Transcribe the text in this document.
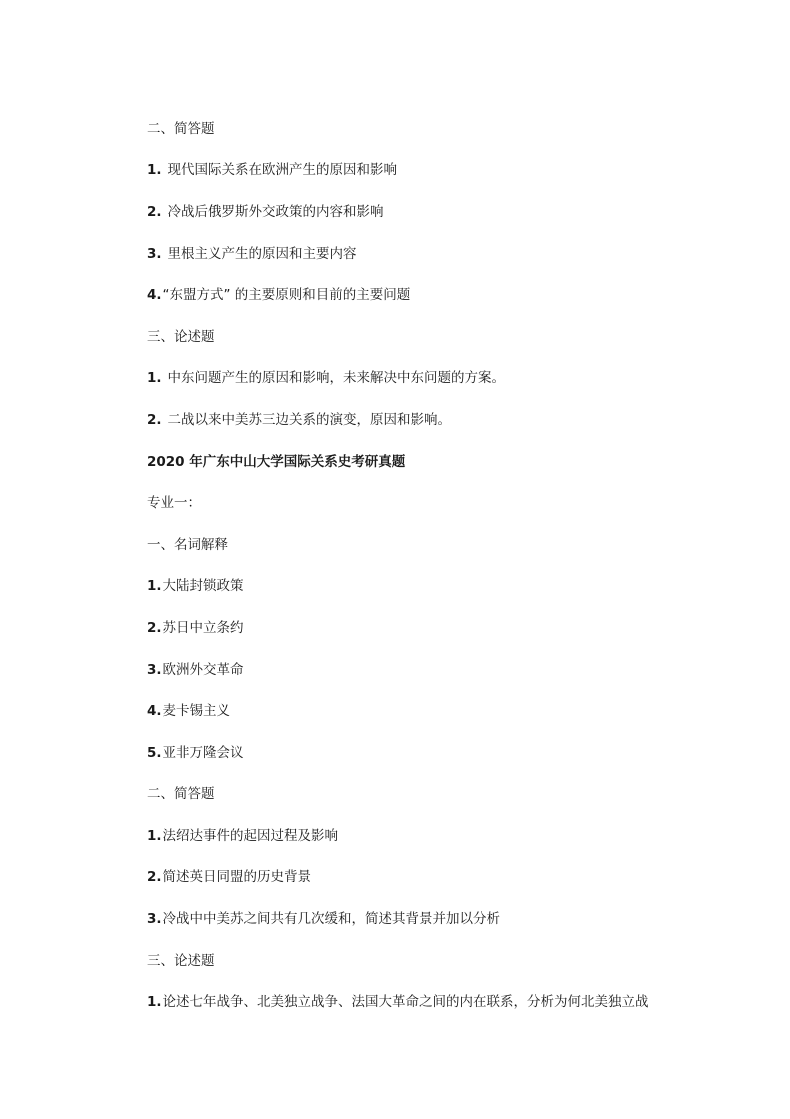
二、简答题
1. 现代国际关系在欧洲产生的原因和影响
2. 冷战后俄罗斯外交政策的内容和影响
3. 里根主义产生的原因和主要内容
4.“东盟方式” 的主要原则和目前的主要问题
三、论述题
1. 中东问题产生的原因和影响，未来解决中东问题的方案。
2. 二战以来中美苏三边关系的演变，原因和影响。
2020 年广东中山大学国际关系史考研真题
专业一：
一、名词解释
1.大陆封锁政策
2.苏日中立条约
3.欧洲外交革命
4.麦卡锡主义
5.亚非万隆会议
二、简答题
1.法绍达事件的起因过程及影响
2.简述英日同盟的历史背景
3.冷战中中美苏之间共有几次缓和，简述其背景并加以分析
三、论述题
1.论述七年战争、北美独立战争、法国大革命之间的内在联系，分析为何北美独立战
